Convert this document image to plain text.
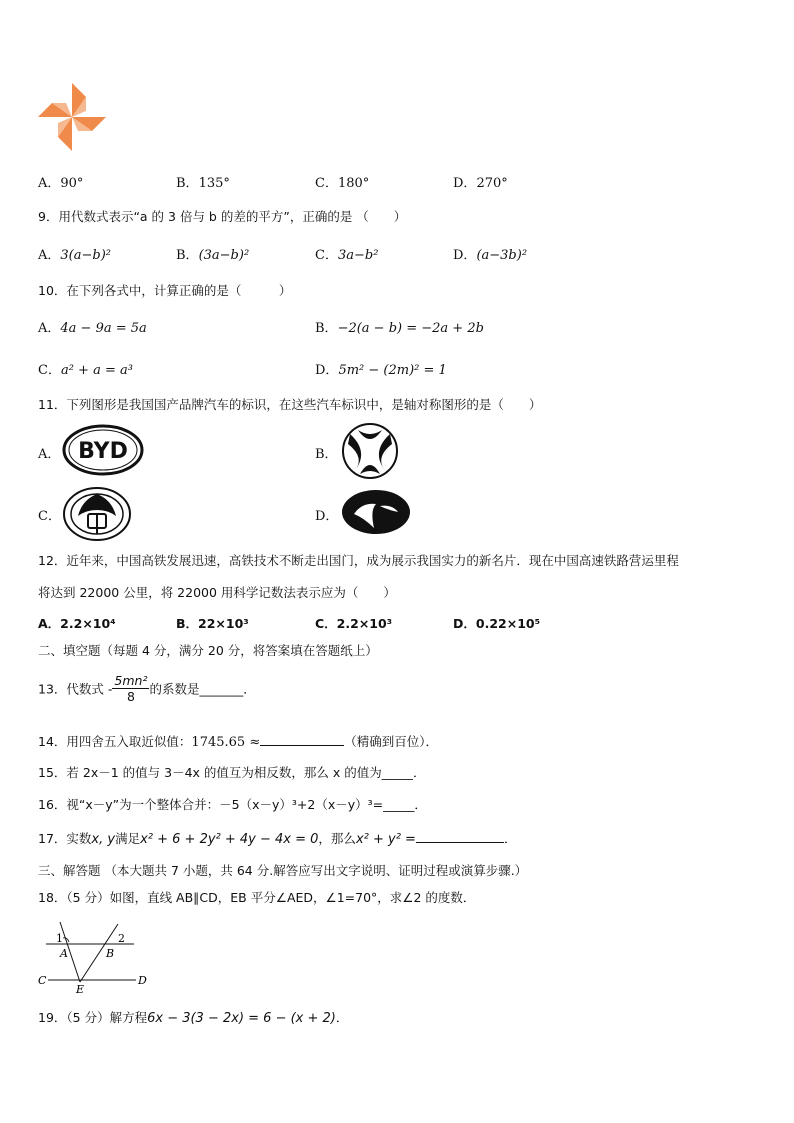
A．90°	B．135°	C．180°	D．270°
9．用代数式表示“a 的 3 倍与 b 的差的平方”，正确的是 （　　）
A．3(a−b)²	B．(3a−b)²	C．3a−b²	D．(a−3b)²
10．在下列各式中，计算正确的是（　　　）
A．4a − 9a = 5a	B．−2(a − b) = −2a + 2b
C．a² + a = a³	D．5m² − (2m)² = 1
11．下列图形是我国国产品牌汽车的标识，在这些汽车标识中，是轴对称图形的是（　　）
A． BYD	B．
C．	D．
12．近年来，中国高铁发展迅速，高铁技术不断走出国门，成为展示我国实力的新名片．现在中国高速铁路营运里程
将达到 22000 公里，将 22000 用科学记数法表示应为（　　）
A．2.2×10⁴	B．22×10³	C．2.2×10³	D．0.22×10⁵
二、填空题（每题 4 分，满分 20 分，将答案填在答题纸上）
13．代数式 - $\frac{\text{5mn²}}{8}$ 的系数是_______．
14．用四舍五入取近似值：1745.65 ≈	（精确到百位）．
15．若 2x－1 的值与 3－4x 的值互为相反数，那么 x 的值为_____．
16．视“x－y”为一个整体合并：－5（x－y）³+2（x－y）³=_____．
17．实数x, y满足x² + 6 + 2y² + 4y − 4x = 0，那么x² + y² =	．
三、解答题 （本大题共 7 小题，共 64 分.解答应写出文字说明、证明过程或演算步骤.）
18．（5 分）如图，直线 AB∥CD，EB 平分∠AED，∠1=70°，求∠2 的度数．
1	2
A	B
C	D
E
19．（5 分）解方程6x − 3(3 − 2x) = 6 − (x + 2)．
